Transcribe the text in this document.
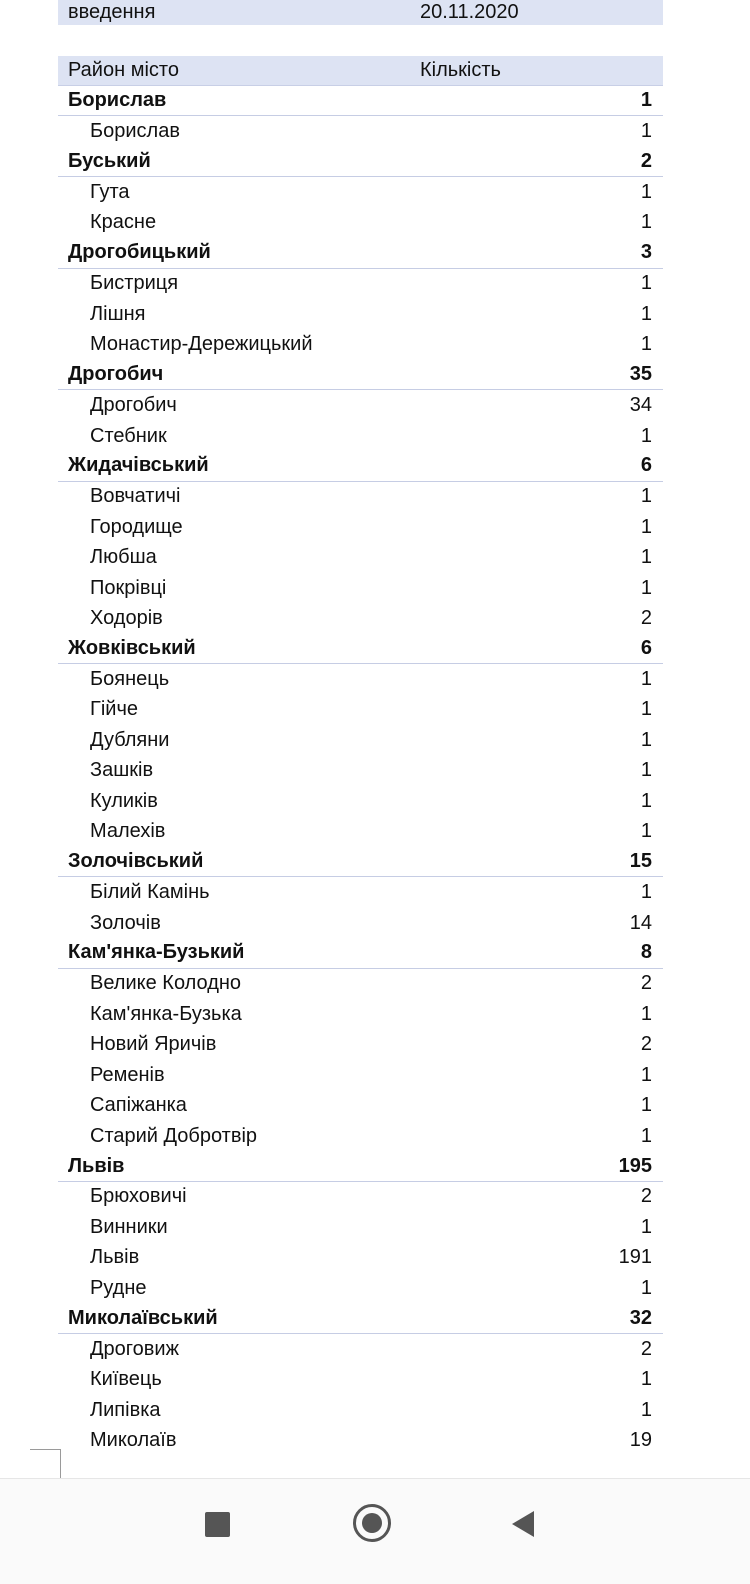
введення	20.11.2020
Район місто	Кількість
Борислав	1
Борислав	1
Буський	2
Гута	1
Красне	1
Дрогобицький	3
Бистриця	1
Лішня	1
Монастир-Дережицький	1
Дрогобич	35
Дрогобич	34
Стебник	1
Жидачівський	6
Вовчатичі	1
Городище	1
Любша	1
Покрівці	1
Ходорів	2
Жовківський	6
Боянець	1
Гійче	1
Дубляни	1
Зашків	1
Куликів	1
Малехів	1
Золочівський	15
Білий Камінь	1
Золочів	14
Кам'янка-Бузький	8
Велике Колодно	2
Кам'янка-Бузька	1
Новий Яричів	2
Ременів	1
Сапіжанка	1
Старий Добротвір	1
Львів	195
Брюховичі	2
Винники	1
Львів	191
Рудне	1
Миколаївський	32
Дроговиж	2
Київець	1
Липівка	1
Миколаїв	19
